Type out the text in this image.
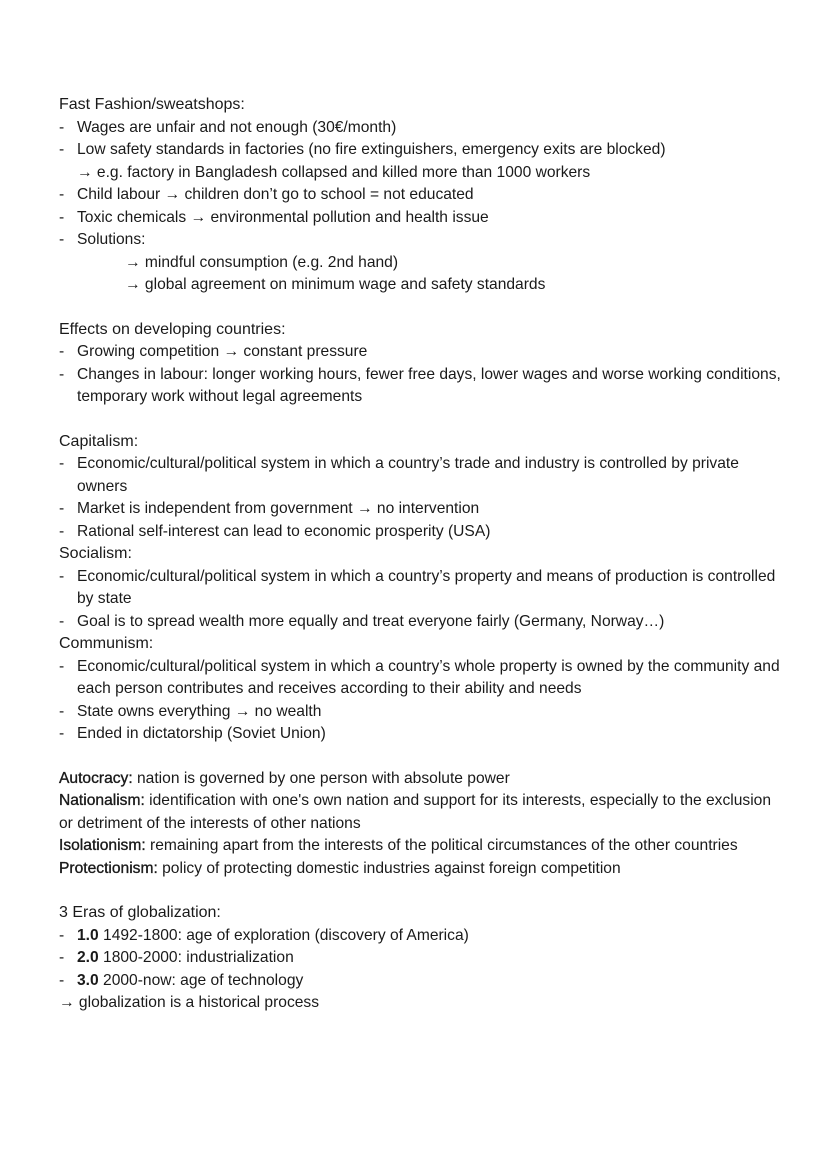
Fast Fashion/sweatshops:
- Wages are unfair and not enough (30€/month)
- Low safety standards in factories (no fire extinguishers, emergency exits are blocked)
→ e.g. factory in Bangladesh collapsed and killed more than 1000 workers
- Child labour → children don’t go to school = not educated
- Toxic chemicals → environmental pollution and health issue
- Solutions:
→ mindful consumption (e.g. 2nd hand)
→ global agreement on minimum wage and safety standards
Effects on developing countries:
- Growing competition → constant pressure
- Changes in labour: longer working hours, fewer free days, lower wages and worse working conditions, temporary work without legal agreements
Capitalism:
- Economic/cultural/political system in which a country’s trade and industry is controlled by private owners
- Market is independent from government → no intervention
- Rational self-interest can lead to economic prosperity (USA)
Socialism:
- Economic/cultural/political system in which a country’s property and means of production is controlled by state
- Goal is to spread wealth more equally and treat everyone fairly (Germany, Norway…)
Communism:
- Economic/cultural/political system in which a country’s whole property is owned by the community and each person contributes and receives according to their ability and needs
- State owns everything → no wealth
- Ended in dictatorship (Soviet Union)
Autocracy: nation is governed by one person with absolute power
Nationalism: identification with one's own nation and support for its interests, especially to the exclusion or detriment of the interests of other nations
Isolationism: remaining apart from the interests of the political circumstances of the other countries
Protectionism: policy of protecting domestic industries against foreign competition
3 Eras of globalization:
- 1.0 1492-1800: age of exploration (discovery of America)
- 2.0 1800-2000: industrialization
- 3.0 2000-now: age of technology
→ globalization is a historical process
